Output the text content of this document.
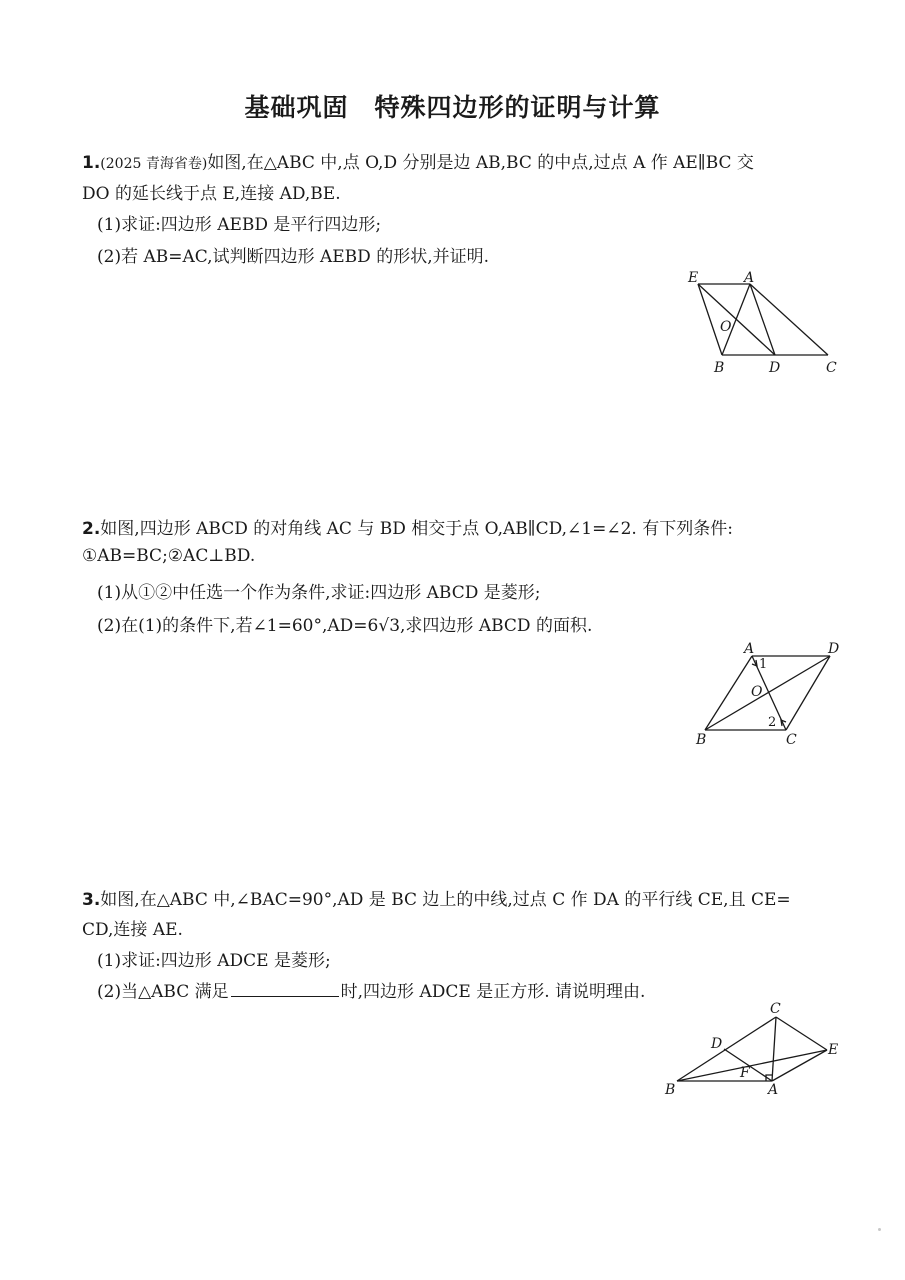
基础巩固 特殊四边形的证明与计算
1.(2025 青海省卷)如图,在△ABC 中,点 O,D 分别是边 AB,BC 的中点,过点 A 作 AE∥BC 交
DO 的延长线于点 E,连接 AD,BE.
(1)求证:四边形 AEBD 是平行四边形;
(2)若 AB=AC,试判断四边形 AEBD 的形状,并证明.
E	A
O
B	D	C
2.如图,四边形 ABCD 的对角线 AC 与 BD 相交于点 O,AB∥CD,∠1=∠2. 有下列条件:
①AB=BC;②AC⊥BD.
(1)从①②中任选一个作为条件,求证:四边形 ABCD 是菱形;
(2)在(1)的条件下,若∠1=60°,AD=6√3,求四边形 ABCD 的面积.
A	D
O
B	C
1
2
3.如图,在△ABC 中,∠BAC=90°,AD 是 BC 边上的中线,过点 C 作 DA 的平行线 CE,且 CE=
CD,连接 AE.
(1)求证:四边形 ADCE 是菱形;
(2)当△ABC 满足	时,四边形 ADCE 是正方形. 请说明理由.
C
D	E
F
B	A
